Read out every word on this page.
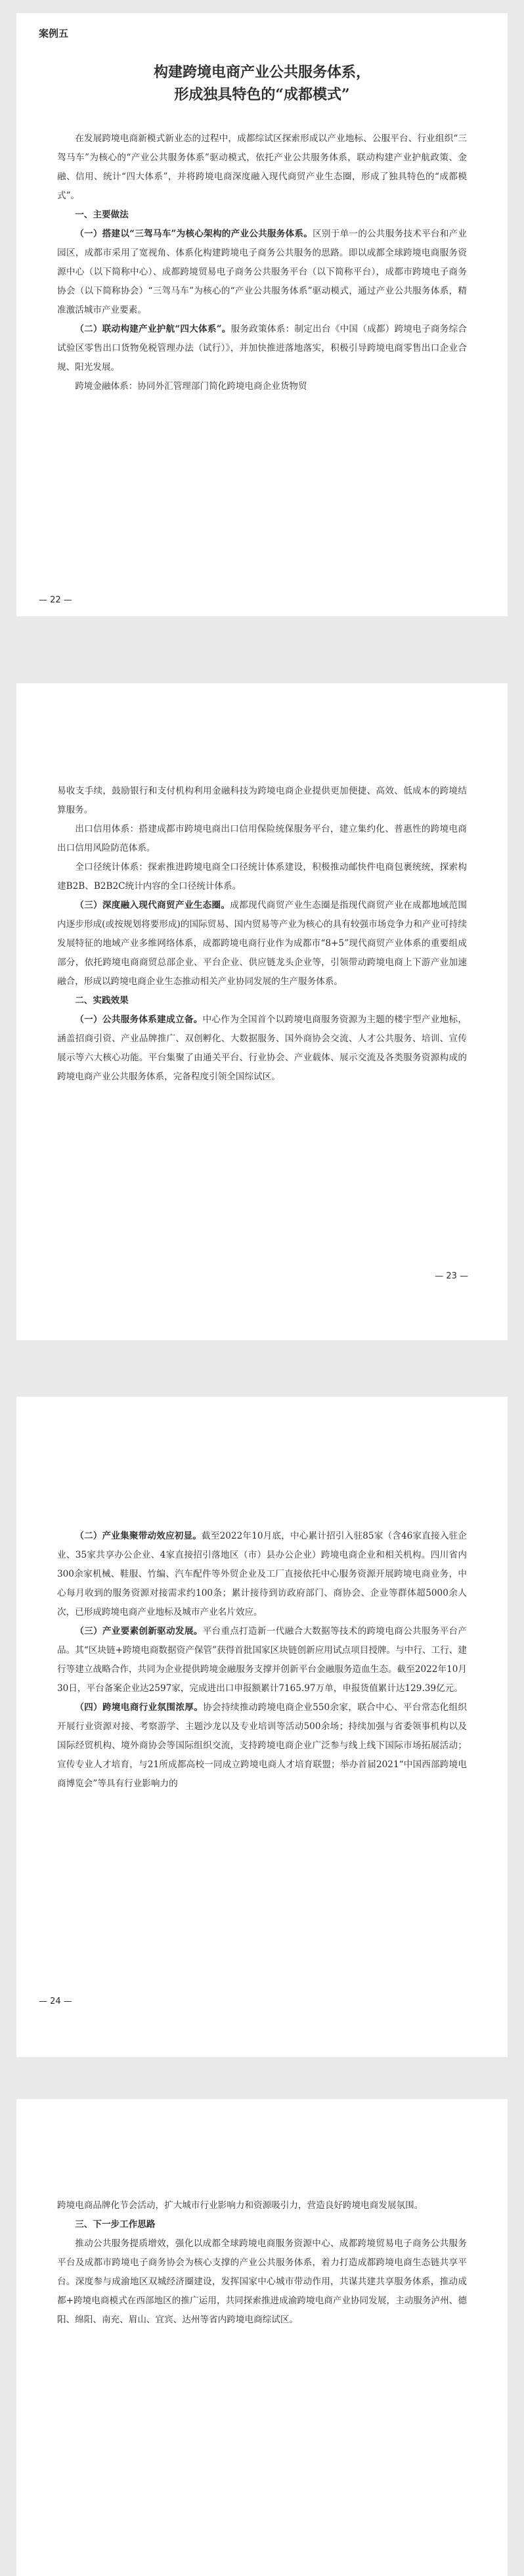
案例五
构建跨境电商产业公共服务体系，
形成独具特色的“成都模式”

在发展跨境电商新模式新业态的过程中，成都综试区探索形成以产业地标、公服平台、行业组织“三驾马车”为核心的“产业公共服务体系”驱动模式，依托产业公共服务体系，联动构建产业护航政策、金融、信用、统计“四大体系”，并将跨境电商深度融入现代商贸产业生态圈，形成了独具特色的“成都模式”。

一、主要做法

（一）搭建以“三驾马车”为核心架构的产业公共服务体系。区别于单一的公共服务技术平台和产业园区，成都市采用了宽视角、体系化构建跨境电子商务公共服务的思路。即以成都全球跨境电商服务资源中心（以下简称中心）、成都跨境贸易电子商务公共服务平台（以下简称平台），成都市跨境电子商务协会（以下简称协会）“三驾马车”为核心的“产业公共服务体系”驱动模式，通过产业公共服务体系，精准激活城市产业要素。

（二）联动构建产业护航“四大体系”。服务政策体系：制定出台《中国（成都）跨境电子商务综合试验区零售出口货物免税管理办法（试行）》，并加快推进落地落实，积极引导跨境电商零售出口企业合规、阳光发展。

跨境金融体系：协同外汇管理部门简化跨境电商企业货物贸

— 22 —

易收支手续，鼓励银行和支付机构利用金融科技为跨境电商企业提供更加便捷、高效、低成本的跨境结算服务。

出口信用体系：搭建成都市跨境电商出口信用保险统保服务平台，建立集约化、普惠性的跨境电商出口信用风险防范体系。

全口径统计体系：探索推进跨境电商全口径统计体系建设，积极推动邮快件电商包裹统统，探索构建B2B、B2B2C统计内容的全口径统计体系。

（三）深度融入现代商贸产业生态圈。成都现代商贸产业生态圈是指现代商贸产业在成都地域范围内逐步形成(或按规划将要形成)的国际贸易、国内贸易等产业为核心的具有较强市场竞争力和产业可持续发展特征的地域产业多维网络体系，成都跨境电商行业作为成都市“8+5”现代商贸产业体系的重要组成部分，依托跨境电商商贸总部企业、平台企业、供应链龙头企业等，引领带动跨境电商上下游产业加速融合，形成以跨境电商企业生态推动相关产业协同发展的生产服务体系。

二、实践效果

（一）公共服务体系建成立备。中心作为全国首个以跨境电商服务资源为主题的楼宇型产业地标，涵盖招商引资、产业品牌推广、双创孵化、大数据服务、国外商协会交流、人才公共服务、培训、宣传展示等六大核心功能。平台集聚了由通关平台、行业协会、产业载体、展示交流及各类服务资源构成的跨境电商产业公共服务体系，完备程度引领全国综试区。

— 23 —

（二）产业集聚带动效应初显。截至2022年10月底，中心累计招引入驻85家（含46家直接入驻企业、35家共享办公企业、4家直接招引落地区（市）县办公企业）跨境电商企业和相关机构。四川省内300余家机械、鞋服、竹编、汽车配件等外贸企业及工厂直接依托中心服务资源开展跨境电商业务，中心每月收到的服务资源对接需求约100条；累计接待到访政府部门、商协会、企业等群体超5000余人次，已形成跨境电商产业地标及城市产业名片效应。

（三）产业要素创新驱动发展。平台重点打造新一代融合大数据等技术的跨境电商公共服务平台产品。其“区块链+跨境电商数据资产保管”获得首批国家区块链创新应用试点项目授牌。与中行、工行、建行等建立战略合作，共同为企业提供跨境金融服务支撑并创新平台金融服务造血生态。截至2022年10月30日，平台备案企业达2597家，完成进出口申报额累计7165.97万单，申报货值累计达129.39亿元。

（四）跨境电商行业氛围浓厚。协会持续推动跨境电商企业550余家，联合中心、平台常态化组织开展行业资源对接、考察游学、主题沙龙以及专业培训等活动500余场；持续加强与省委领事机构以及国际经贸机构、境外商协会等国际组织交流，支持跨境电商企业广泛参与线上线下国际市场拓展活动；宣传专业人才培育，与21所成都高校一同成立跨境电商人才培育联盟；举办首届2021“中国西部跨境电商博览会”等具有行业影响力的

— 24 —

跨境电商品牌化节会活动，扩大城市行业影响力和资源吸引力，营造良好跨境电商发展氛围。

三、下一步工作思路

推动公共服务提质增效，强化以成都全球跨境电商服务资源中心、成都跨境贸易电子商务公共服务平台及成都市跨境电子商务协会为核心支撑的产业公共服务体系，着力打造成都跨境电商生态链共享平台。深度参与成渝地区双城经济圈建设，发挥国家中心城市带动作用，共谋共建共享服务体系，推动成都+跨境电商模式在西部地区的推广运用，共同探索推进成渝跨境电商产业协同发展，主动服务泸州、德阳、绵阳、南充、眉山、宜宾、达州等省内跨境电商综试区。
